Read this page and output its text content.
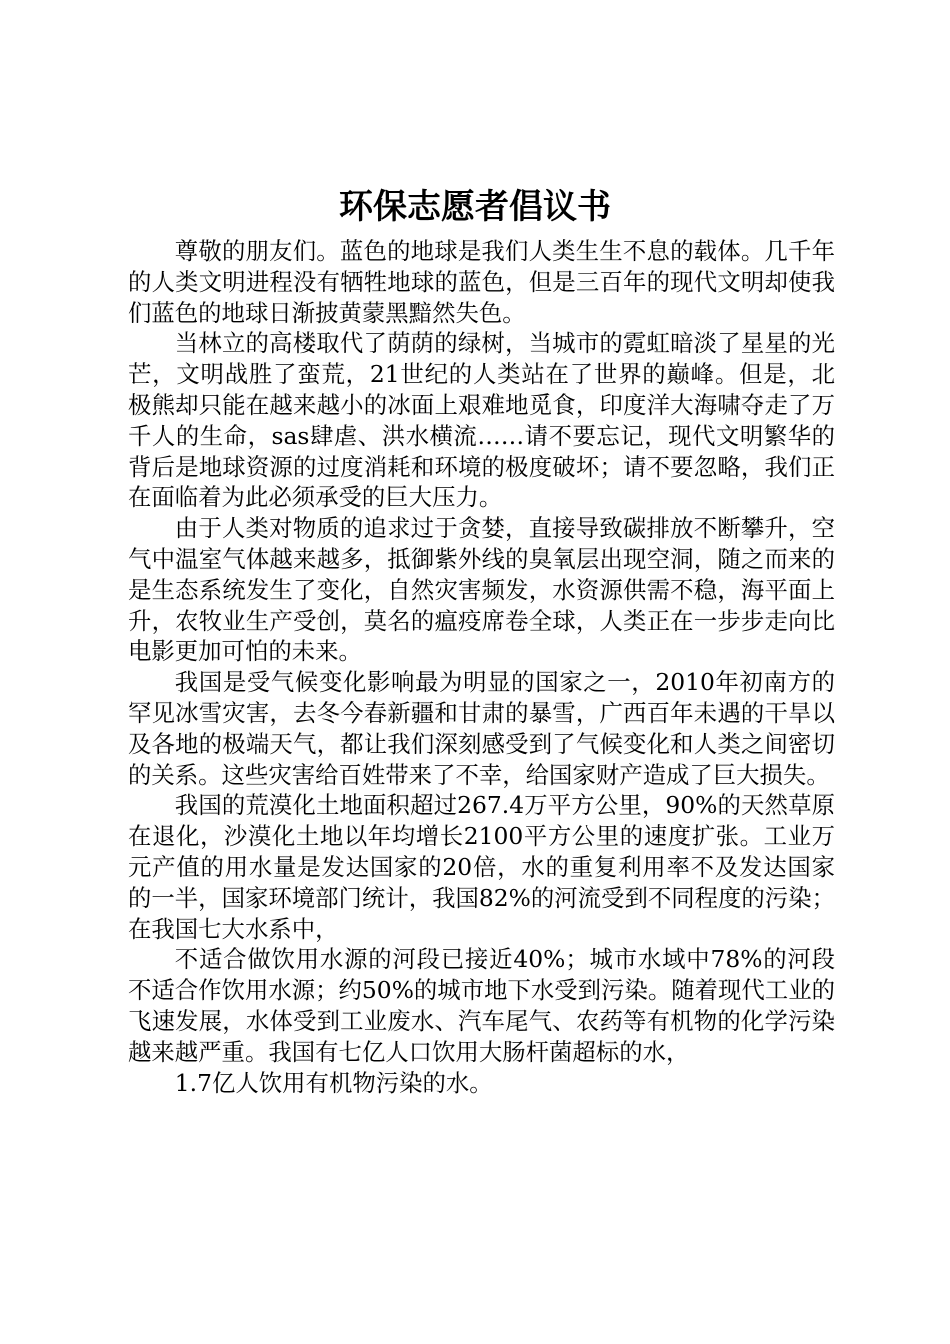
环保志愿者倡议书

尊敬的朋友们。蓝色的地球是我们人类生生不息的载体。几千年的人类文明进程没有牺牲地球的蓝色，但是三百年的现代文明却使我们蓝色的地球日渐披黄蒙黑黯然失色。

当林立的高楼取代了荫荫的绿树，当城市的霓虹暗淡了星星的光芒，文明战胜了蛮荒，21世纪的人类站在了世界的巅峰。但是，北极熊却只能在越来越小的冰面上艰难地觅食，印度洋大海啸夺走了万千人的生命，sas肆虐、洪水横流……请不要忘记，现代文明繁华的背后是地球资源的过度消耗和环境的极度破坏；请不要忽略，我们正在面临着为此必须承受的巨大压力。

由于人类对物质的追求过于贪婪，直接导致碳排放不断攀升，空气中温室气体越来越多，抵御紫外线的臭氧层出现空洞，随之而来的是生态系统发生了变化，自然灾害频发，水资源供需不稳，海平面上升，农牧业生产受创，莫名的瘟疫席卷全球，人类正在一步步走向比电影更加可怕的未来。

我国是受气候变化影响最为明显的国家之一，2010年初南方的罕见冰雪灾害，去冬今春新疆和甘肃的暴雪，广西百年未遇的干旱以及各地的极端天气，都让我们深刻感受到了气候变化和人类之间密切的关系。这些灾害给百姓带来了不幸，给国家财产造成了巨大损失。

我国的荒漠化土地面积超过267.4万平方公里，90%的天然草原在退化，沙漠化土地以年均增长2100平方公里的速度扩张。工业万元产值的用水量是发达国家的20倍，水的重复利用率不及发达国家的一半，国家环境部门统计，我国82%的河流受到不同程度的污染；在我国七大水系中，

不适合做饮用水源的河段已接近40%；城市水域中78%的河段不适合作饮用水源；约50%的城市地下水受到污染。随着现代工业的飞速发展，水体受到工业废水、汽车尾气、农药等有机物的化学污染越来越严重。我国有七亿人口饮用大肠杆菌超标的水，

1.7亿人饮用有机物污染的水。
